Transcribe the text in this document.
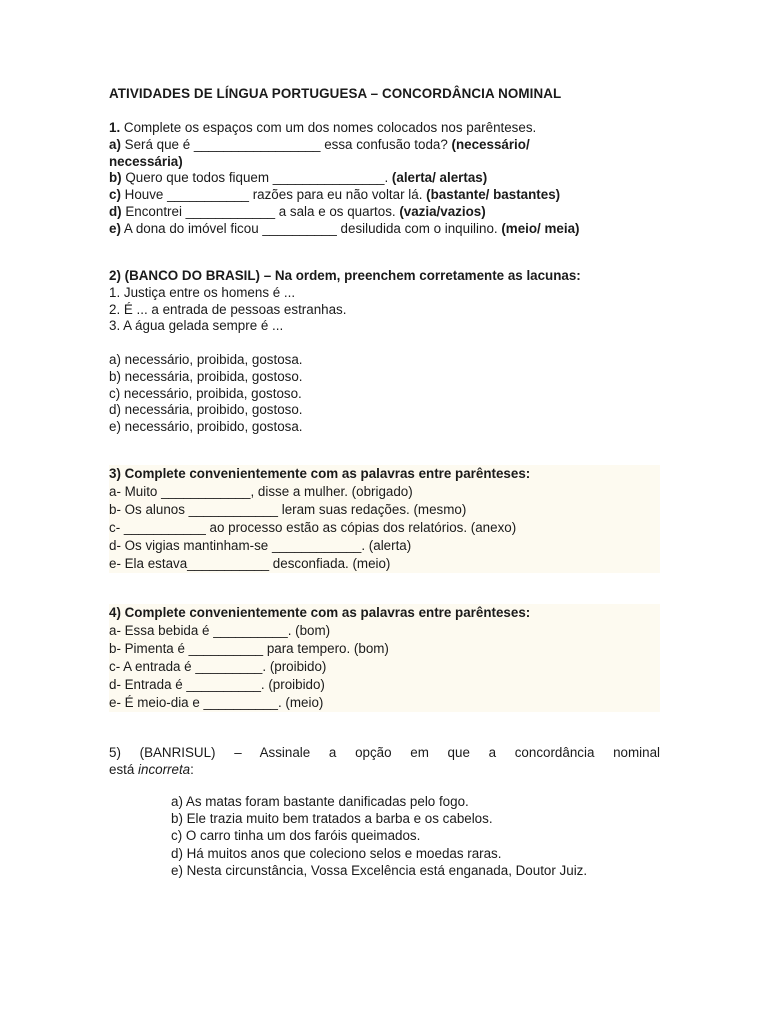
ATIVIDADES DE LÍNGUA PORTUGUESA – CONCORDÂNCIA NOMINAL
1. Complete os espaços com um dos nomes colocados nos parênteses.
a) Será que é _________________ essa confusão toda? (necessário/
necessária)
b) Quero que todos fiquem _______________. (alerta/ alertas)
c) Houve ___________ razões para eu não voltar lá. (bastante/ bastantes)
d) Encontrei ____________ a sala e os quartos. (vazia/vazios)
e) A dona do imóvel ficou __________ desiludida com o inquilino. (meio/ meia)
2) (BANCO DO BRASIL) – Na ordem, preenchem corretamente as lacunas:
1. Justiça entre os homens é ...
2. É ... a entrada de pessoas estranhas.
3. A água gelada sempre é ...
a) necessário, proibida, gostosa.
b) necessária, proibida, gostoso.
c) necessário, proibida, gostoso.
d) necessária, proibido, gostoso.
e) necessário, proibido, gostosa.
3) Complete convenientemente com as palavras entre parênteses:
a- Muito ____________, disse a mulher. (obrigado)
b- Os alunos ____________ leram suas redações. (mesmo)
c- ___________ ao processo estão as cópias dos relatórios. (anexo)
d- Os vigias mantinham-se ____________. (alerta)
e- Ela estava___________ desconfiada. (meio)
4) Complete convenientemente com as palavras entre parênteses:
a- Essa bebida é __________. (bom)
b- Pimenta é __________ para tempero. (bom)
c- A entrada é _________. (proibido)
d- Entrada é __________. (proibido)
e- É meio-dia e __________. (meio)
5) (BANRISUL) – Assinale a opção em que a concordância nominal
está incorreta:
a) As matas foram bastante danificadas pelo fogo.
b) Ele trazia muito bem tratados a barba e os cabelos.
c) O carro tinha um dos faróis queimados.
d) Há muitos anos que coleciono selos e moedas raras.
e) Nesta circunstância, Vossa Excelência está enganada, Doutor Juiz.
